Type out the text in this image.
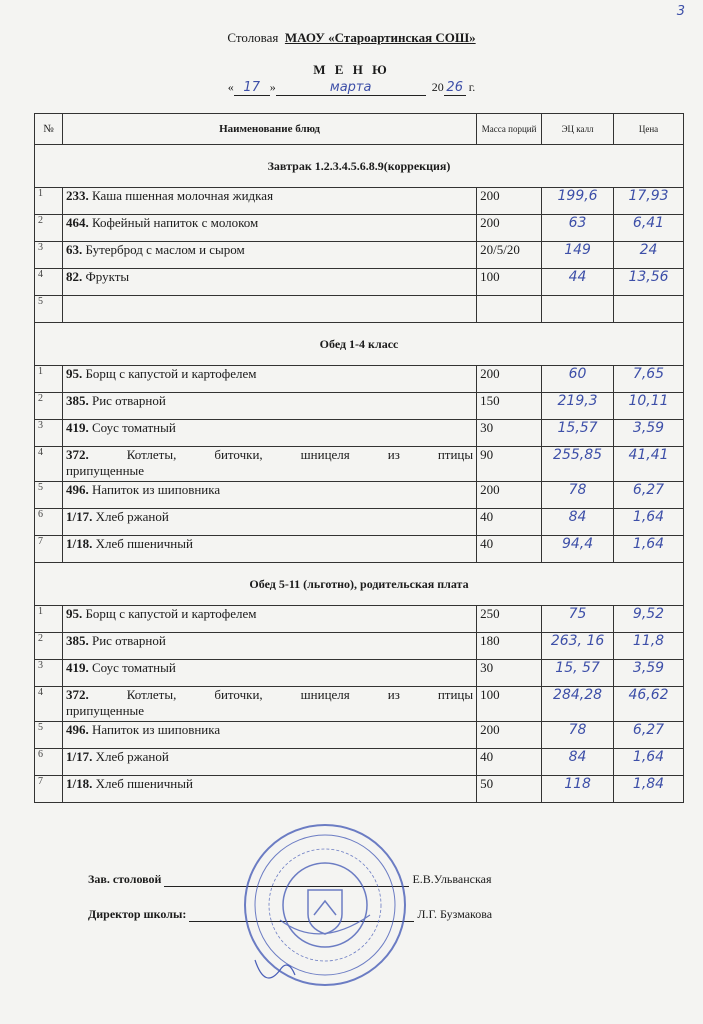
3
Столовая МАОУ «Староартинская СОШ»
М Е Н Ю
« 17 »	марта	20 26 г.
№	Наименование блюд	Масса порций	ЭЦ калл	Цена
Завтрак 1.2.3.4.5.6.8.9(коррекция)				
1	233. Каша пшенная молочная жидкая	200	199,6	17,93
2	464. Кофейный напиток с молоком	200	63	6,41
3	63. Бутерброд с маслом и сыром	20/5/20	149	24
4	82. Фрукты	100	44	13,56
5				
Обед 1-4 класс				
1	95. Борщ с капустой и картофелем	200	60	7,65
2	385. Рис отварной	150	219,3	10,11
3	419. Соус томатный	30	15,57	3,59
4	372. Котлеты, биточки, шницеля из птицы
припущенные	90	255,85	41,41
5	496. Напиток из шиповника	200	78	6,27
6	1/17. Хлеб ржаной	40	84	1,64
7	1/18. Хлеб пшеничный	40	94,4	1,64
Обед 5-11 (льготно), родительская плата				
1	95. Борщ с капустой и картофелем	250	75	9,52
2	385. Рис отварной	180	263, 16	11,8
3	419. Соус томатный	30	15, 57	3,59
4	372. Котлеты, биточки, шницеля из птицы
припущенные	100	284,28	46,62
5	496. Напиток из шиповника	200	78	6,27
6	1/17. Хлеб ржаной	40	84	1,64
7	1/18. Хлеб пшеничный	50	118	1,84
Зав. столовой	Е.В.Ульванская
Директор школы:	Л.Г. Бузмакова
